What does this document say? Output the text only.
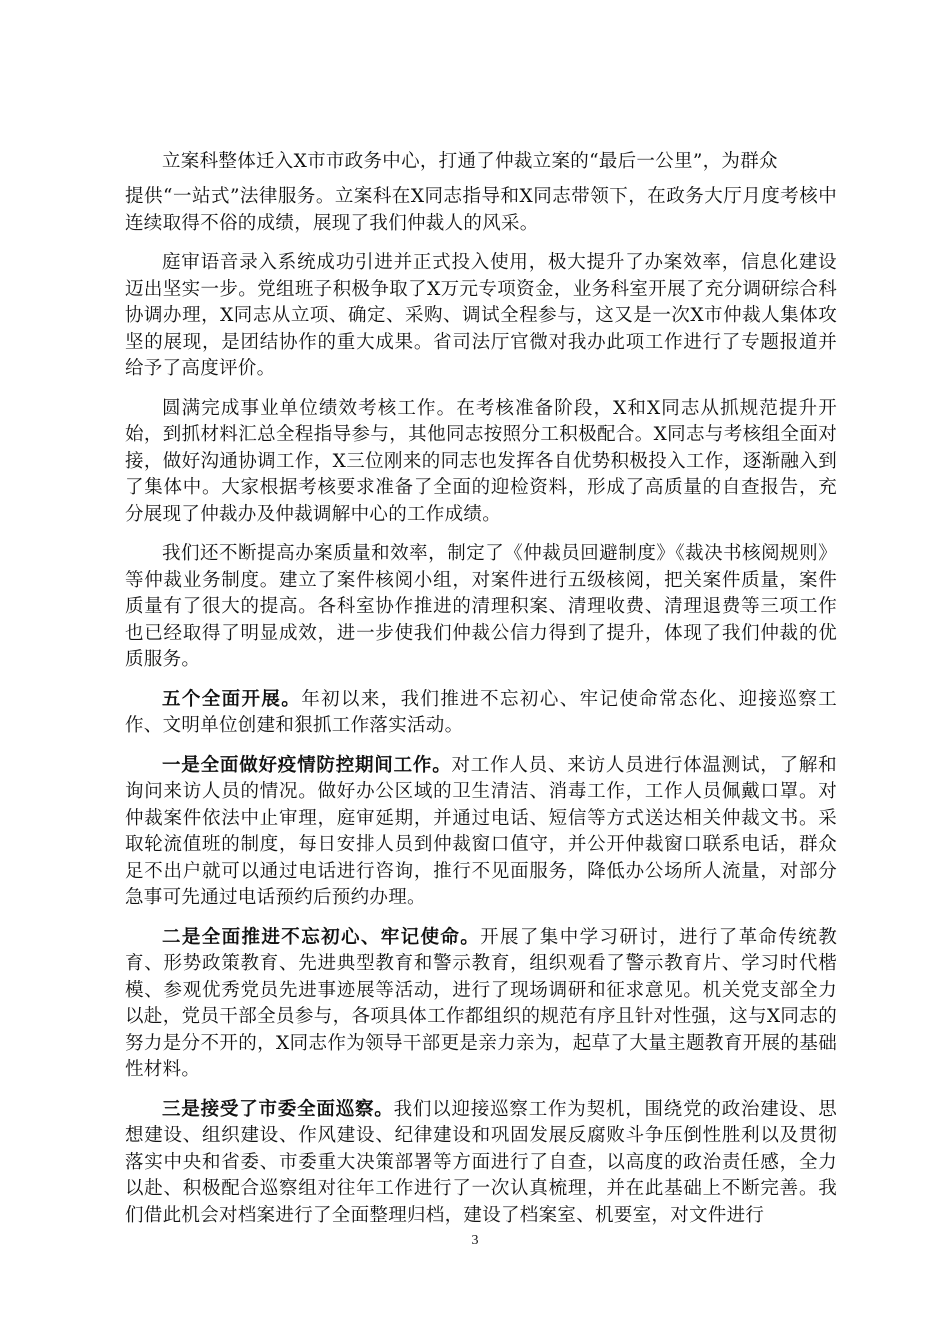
立案科整体迁入X市市政务中心，打通了仲裁立案的“最后一公里”，为群众

提供“一站式”法律服务。立案科在X同志指导和X同志带领下，在政务大厅月度考核中连续取得不俗的成绩，展现了我们仲裁人的风采。

庭审语音录入系统成功引进并正式投入使用，极大提升了办案效率，信息化建设迈出坚实一步。党组班子积极争取了X万元专项资金，业务科室开展了充分调研综合科协调办理，X同志从立项、确定、采购、调试全程参与，这又是一次X市仲裁人集体攻坚的展现，是团结协作的重大成果。省司法厅官微对我办此项工作进行了专题报道并给予了高度评价。

圆满完成事业单位绩效考核工作。在考核准备阶段，X和X同志从抓规范提升开始，到抓材料汇总全程指导参与，其他同志按照分工积极配合。X同志与考核组全面对接，做好沟通协调工作，X三位刚来的同志也发挥各自优势积极投入工作，逐渐融入到了集体中。大家根据考核要求准备了全面的迎检资料，形成了高质量的自查报告，充分展现了仲裁办及仲裁调解中心的工作成绩。

我们还不断提高办案质量和效率，制定了《仲裁员回避制度》《裁决书核阅规则》等仲裁业务制度。建立了案件核阅小组，对案件进行五级核阅，把关案件质量，案件质量有了很大的提高。各科室协作推进的清理积案、清理收费、清理退费等三项工作也已经取得了明显成效，进一步使我们仲裁公信力得到了提升，体现了我们仲裁的优质服务。

五个全面开展。年初以来，我们推进不忘初心、牢记使命常态化、迎接巡察工作、文明单位创建和狠抓工作落实活动。

一是全面做好疫情防控期间工作。对工作人员、来访人员进行体温测试，了解和询问来访人员的情况。做好办公区域的卫生清洁、消毒工作，工作人员佩戴口罩。对仲裁案件依法中止审理，庭审延期，并通过电话、短信等方式送达相关仲裁文书。采取轮流值班的制度，每日安排人员到仲裁窗口值守，并公开仲裁窗口联系电话，群众足不出户就可以通过电话进行咨询，推行不见面服务，降低办公场所人流量，对部分急事可先通过电话预约后预约办理。

二是全面推进不忘初心、牢记使命。开展了集中学习研讨，进行了革命传统教育、形势政策教育、先进典型教育和警示教育，组织观看了警示教育片、学习时代楷模、参观优秀党员先进事迹展等活动，进行了现场调研和征求意见。机关党支部全力以赴，党员干部全员参与，各项具体工作都组织的规范有序且针对性强，这与X同志的努力是分不开的，X同志作为领导干部更是亲力亲为，起草了大量主题教育开展的基础性材料。

三是接受了市委全面巡察。我们以迎接巡察工作为契机，围绕党的政治建设、思想建设、组织建设、作风建设、纪律建设和巩固发展反腐败斗争压倒性胜利以及贯彻落实中央和省委、市委重大决策部署等方面进行了自查，以高度的政治责任感，全力以赴、积极配合巡察组对往年工作进行了一次认真梳理，并在此基础上不断完善。我们借此机会对档案进行了全面整理归档，建设了档案室、机要室，对文件进行

3
